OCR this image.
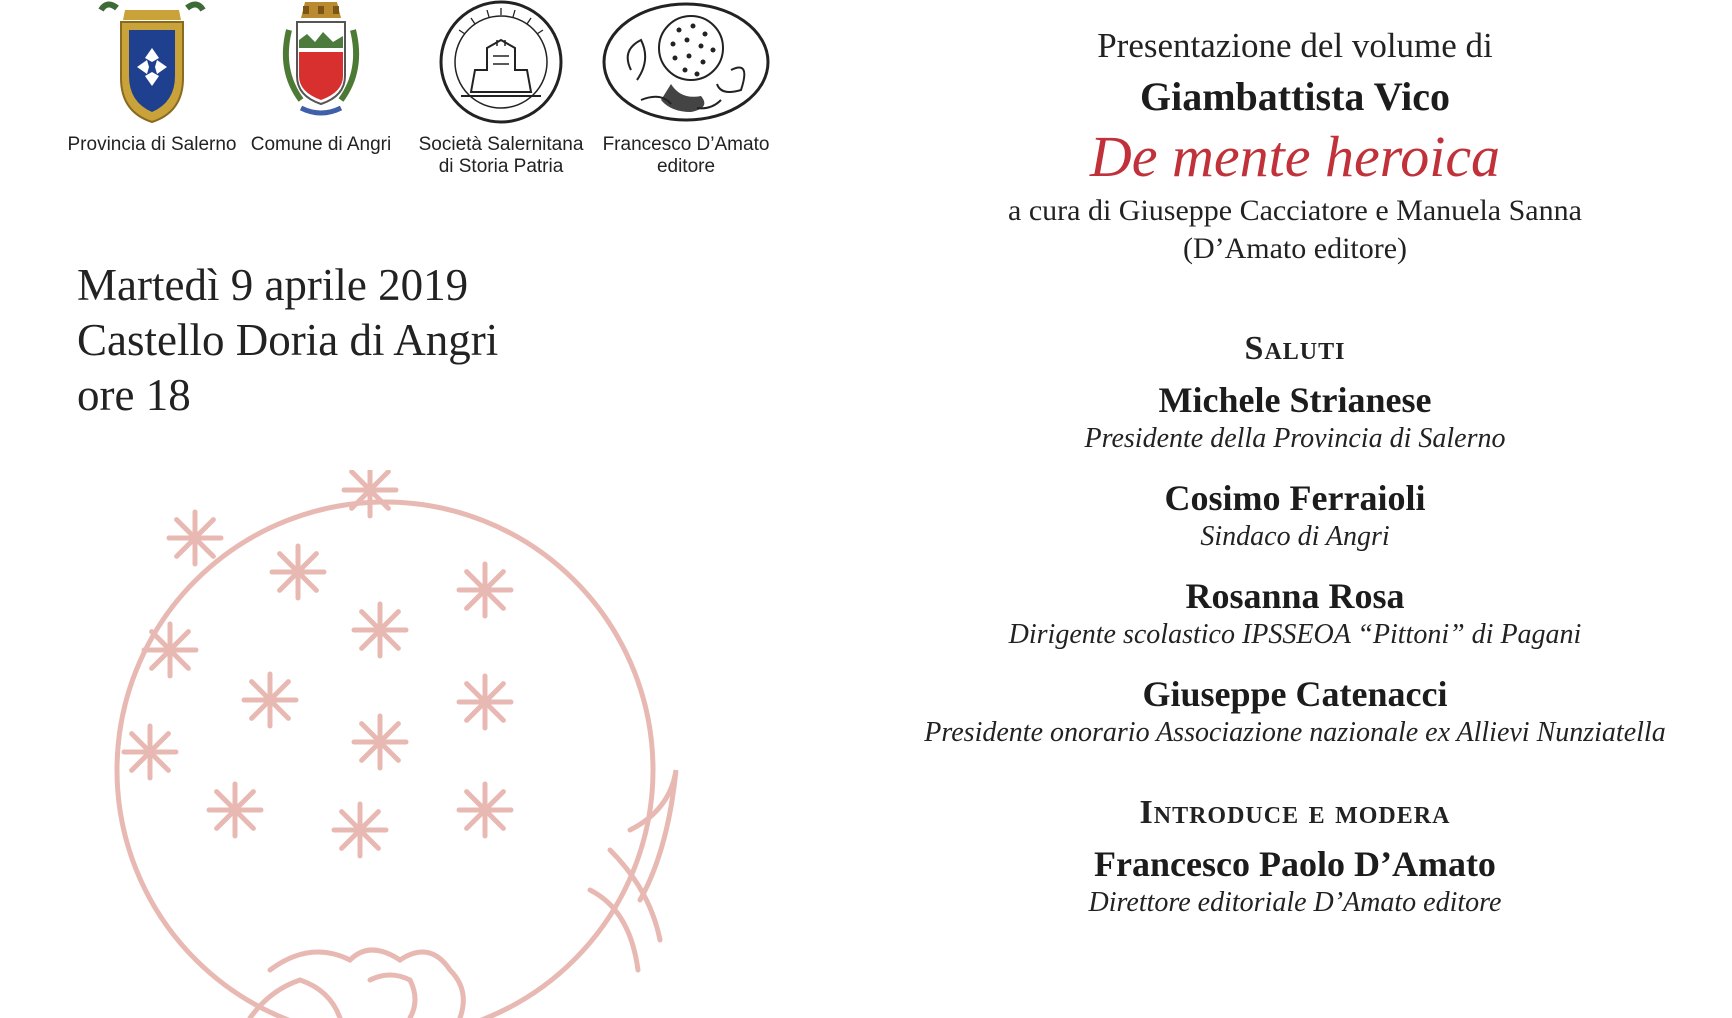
Provincia di Salerno Comune di Angri	Società Salernitana
di Storia Patria
Francesco D’Amato
editore
Martedì 9 aprile 2019
Castello Doria di Angri
ore 18
Presentazione del volume di
Giambattista Vico
De mente heroica
a cura di Giuseppe Cacciatore e Manuela Sanna
(D’Amato editore)
Saluti
Michele Strianese
Presidente della Provincia di Salerno
Cosimo Ferraioli
Sindaco di Angri
Rosanna Rosa
Dirigente scolastico IPSSEOA “Pittoni” di Pagani
Giuseppe Catenacci
Presidente onorario Associazione nazionale ex Allievi Nunziatella
Introduce e modera
Francesco Paolo D’Amato
Direttore editoriale D’Amato editore
